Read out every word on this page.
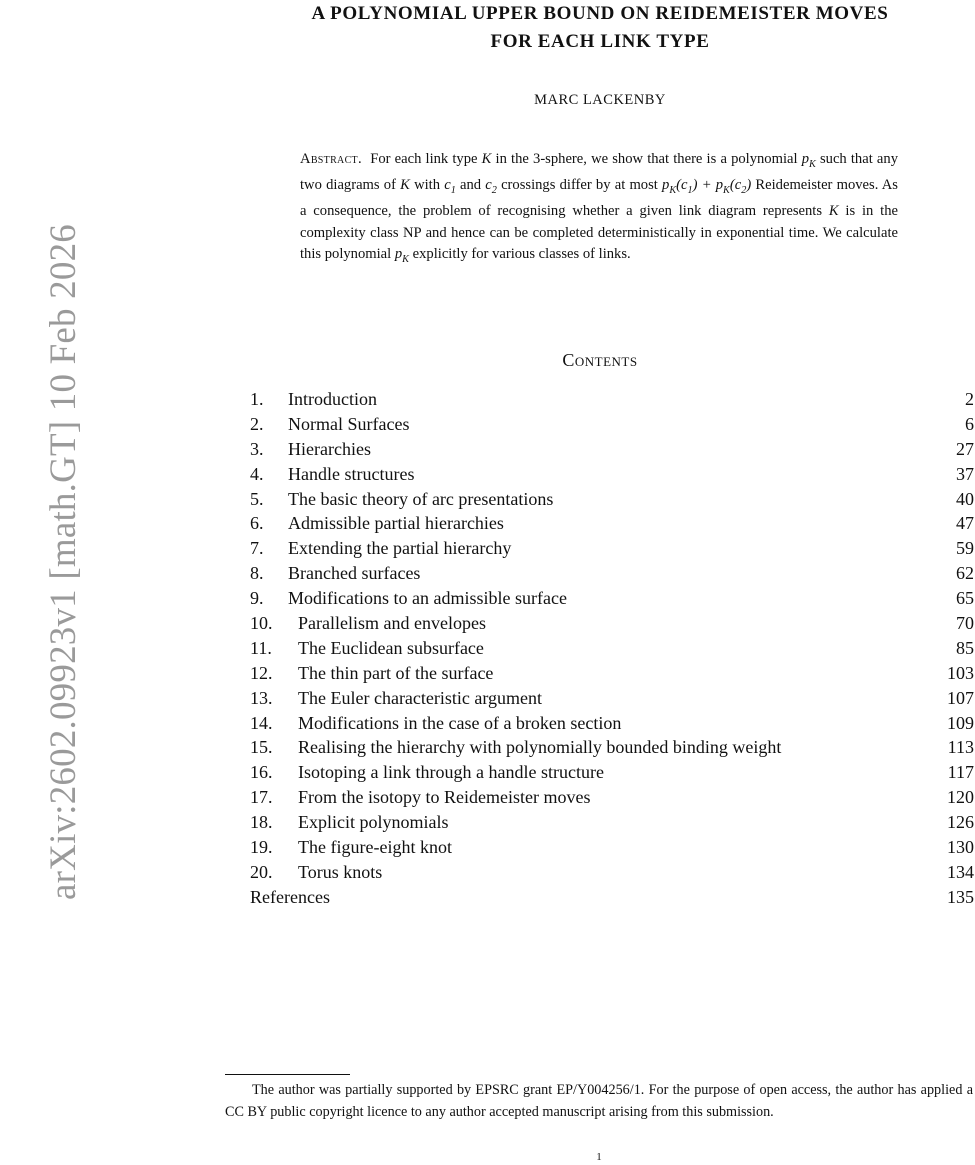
arXiv:2602.09923v1 [math.GT] 10 Feb 2026
A POLYNOMIAL UPPER BOUND ON REIDEMEISTER MOVES
FOR EACH LINK TYPE
MARC LACKENBY
Abstract. For each link type K in the 3-sphere, we show that there is a polynomial $p_K$ such that any two diagrams of K with $c_1$ and $c_2$ crossings differ by at most $p_K(c_1) + p_K(c_2)$ Reidemeister moves. As a consequence, the problem of recognising whether a given link diagram represents K is in the complexity class NP and hence can be completed deterministically in exponential time. We calculate this polynomial $p_K$ explicitly for various classes of links.
Contents
1. Introduction	2
2. Normal Surfaces	6
3. Hierarchies	27
4. Handle structures	37
5. The basic theory of arc presentations	40
6. Admissible partial hierarchies	47
7. Extending the partial hierarchy	59
8. Branched surfaces	62
9. Modifications to an admissible surface	65
10. Parallelism and envelopes	70
11. The Euclidean subsurface	85
12. The thin part of the surface	103
13. The Euler characteristic argument	107
14. Modifications in the case of a broken section	109
15. Realising the hierarchy with polynomially bounded binding weight	113
16. Isotoping a link through a handle structure	117
17. From the isotopy to Reidemeister moves	120
18. Explicit polynomials	126
19. The figure-eight knot	130
20. Torus knots	134
References	135
The author was partially supported by EPSRC grant EP/Y004256/1. For the purpose of open access, the author has applied a CC BY public copyright licence to any author accepted manuscript arising from this submission.
1
